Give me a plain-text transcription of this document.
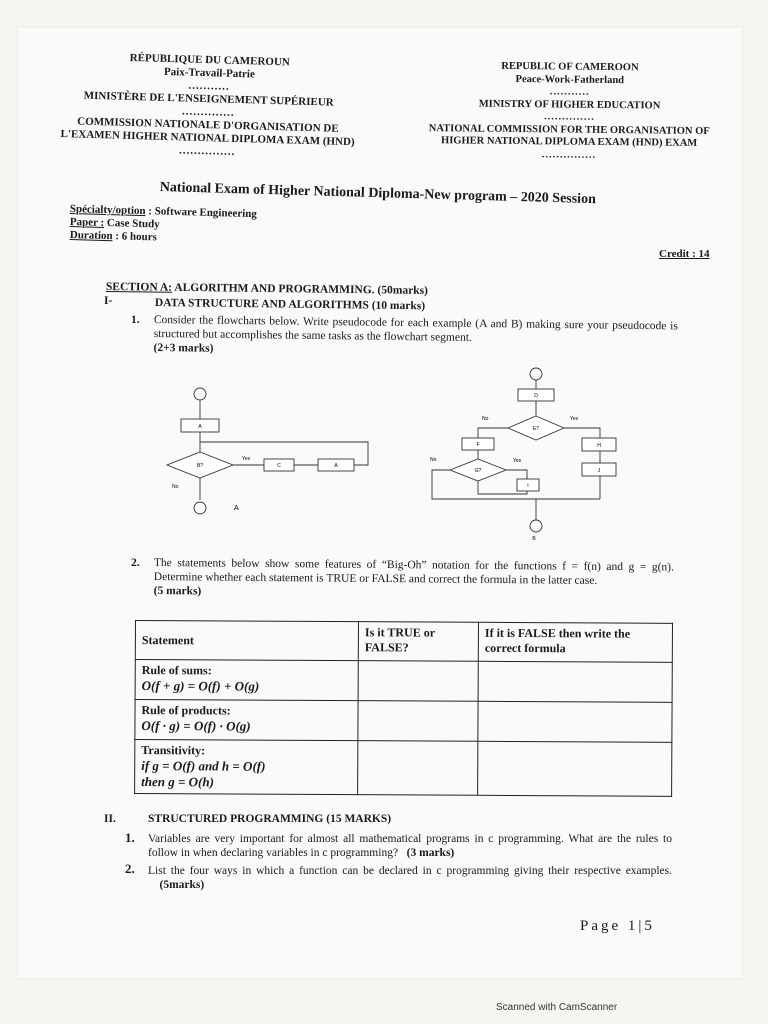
RÉPUBLIQUE DU CAMEROUN
Paix-Travail-Patrie
...........
MINISTÈRE DE L'ENSEIGNEMENT SUPÉRIEUR
..............
COMMISSION NATIONALE D'ORGANISATION DE L'EXAMEN HIGHER NATIONAL DIPLOMA EXAM (HND)
...............
REPUBLIC OF CAMEROON
Peace-Work-Fatherland
...........
MINISTRY OF HIGHER EDUCATION
..............
NATIONAL COMMISSION FOR THE ORGANISATION OF HIGHER NATIONAL DIPLOMA EXAM (HND) EXAM
...............
National Exam of Higher National Diploma-New program – 2020 Session
Spécialty/option : Software Engineering
Paper : Case Study
Duration : 6 hours
Credit : 14
SECTION A: ALGORITHM AND PROGRAMMING. (50marks)
I-	DATA STRUCTURE AND ALGORITHMS (10 marks)
1. Consider the flowcharts below. Write pseudocode for each example (A and B) making sure your pseudocode is structured but accomplishes the same tasks as the flowchart segment.
(2+3 marks)
A
B?	C	A
Yes
No
A
D
E?
No	Yes
F	H
G?
No	Yes
I
J
B
2. The statements below show some features of “Big-Oh” notation for the functions f = f(n) and g = g(n). Determine whether each statement is TRUE or FALSE and correct the formula in the latter case.
(5 marks)
Statement	Is it TRUE or FALSE?	If it is FALSE then write the correct formula

Rule of sums:
O(f + g) = O(f) + O(g)		

Rule of products:
O(f · g) = O(f) · O(g)		

Transitivity:
if g = O(f) and h = O(f)
then g = O(h)		

II.	STRUCTURED PROGRAMMING (15 MARKS)
1. Variables are very important for almost all mathematical programs in c programming. What are the rules to follow in when declaring variables in c programming? (3 marks)
2. List the four ways in which a function can be declared in c programming giving their respective examples.     (5marks)
Page 1|5
Scanned with CamScanner
